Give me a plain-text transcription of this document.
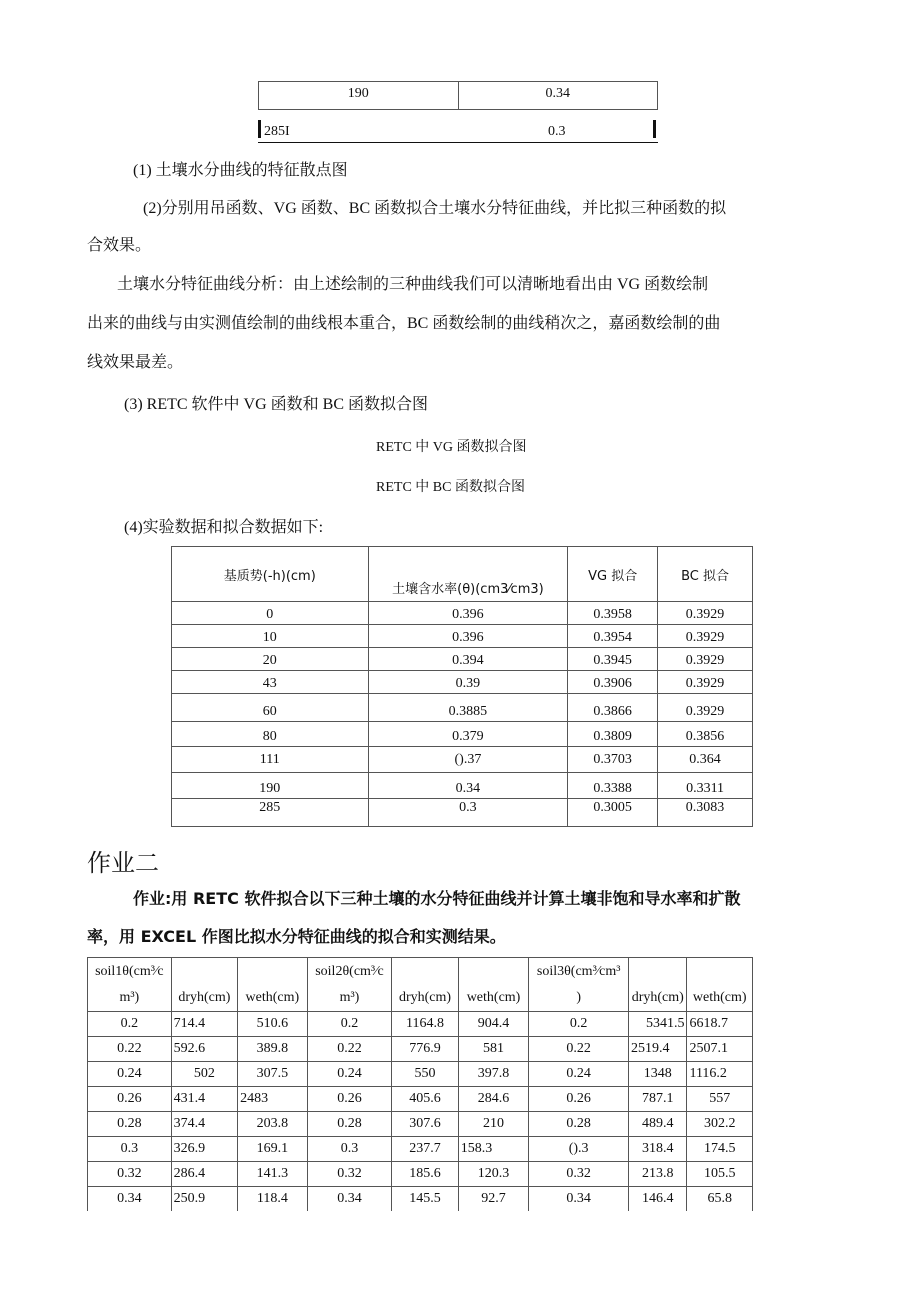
190	0.34
285I	0.3
(1) 土壤水分曲线的特征散点图
(2)分别用吊函数、VG 函数、BC 函数拟合土壤水分特征曲线，并比拟三种函数的拟
合效果。
土壤水分特征曲线分析：由上述绘制的三种曲线我们可以清晰地看出由 VG 函数绘制
出来的曲线与由实测值绘制的曲线根本重合，BC 函数绘制的曲线稍次之，嘉函数绘制的曲
线效果最差。
(3) RETC 软件中 VG 函数和 BC 函数拟合图
RETC 中 VG 函数拟合图
RETC 中 BC 函数拟合图
(4)实验数据和拟合数据如下:
基质势(-h)(cm)	土壤含水率(θ)(cm3⁄cm3)	VG 拟合	BC 拟合
0	0.396	0.3958	0.3929
10	0.396	0.3954	0.3929
20	0.394	0.3945	0.3929
43	0.39	0.3906	0.3929
60	0.3885	0.3866	0.3929
80	0.379	0.3809	0.3856
111	().37	0.3703	0.364
190	0.34	0.3388	0.3311
285	0.3	0.3005	0.3083
作业二
作业:用 RETC 软件拟合以下三种土壤的水分特征曲线并计算土壤非饱和导水率和扩散
率，用 EXCEL 作图比拟水分特征曲线的拟合和实测结果。
soil1θ(cm³⁄c
m³)	dryh(cm)	weth(cm)	soil2θ(cm³⁄c
m³)	dryh(cm)	weth(cm)	soil3θ(cm³⁄cm³
)	dryh(cm)	weth(cm)
0.2	714.4	510.6	0.2	1164.8	904.4	0.2	5341.5	6618.7
0.22	592.6	389.8	0.22	776.9	581	0.22	2519.4	2507.1
0.24	502	307.5	0.24	550	397.8	0.24	1348	1116.2
0.26	431.4	2483	0.26	405.6	284.6	0.26	787.1	557
0.28	374.4	203.8	0.28	307.6	210	0.28	489.4	302.2
0.3	326.9	169.1	0.3	237.7	158.3	().3	318.4	174.5
0.32	286.4	141.3	0.32	185.6	120.3	0.32	213.8	105.5
0.34	250.9	118.4	0.34	145.5	92.7	0.34	146.4	65.8
